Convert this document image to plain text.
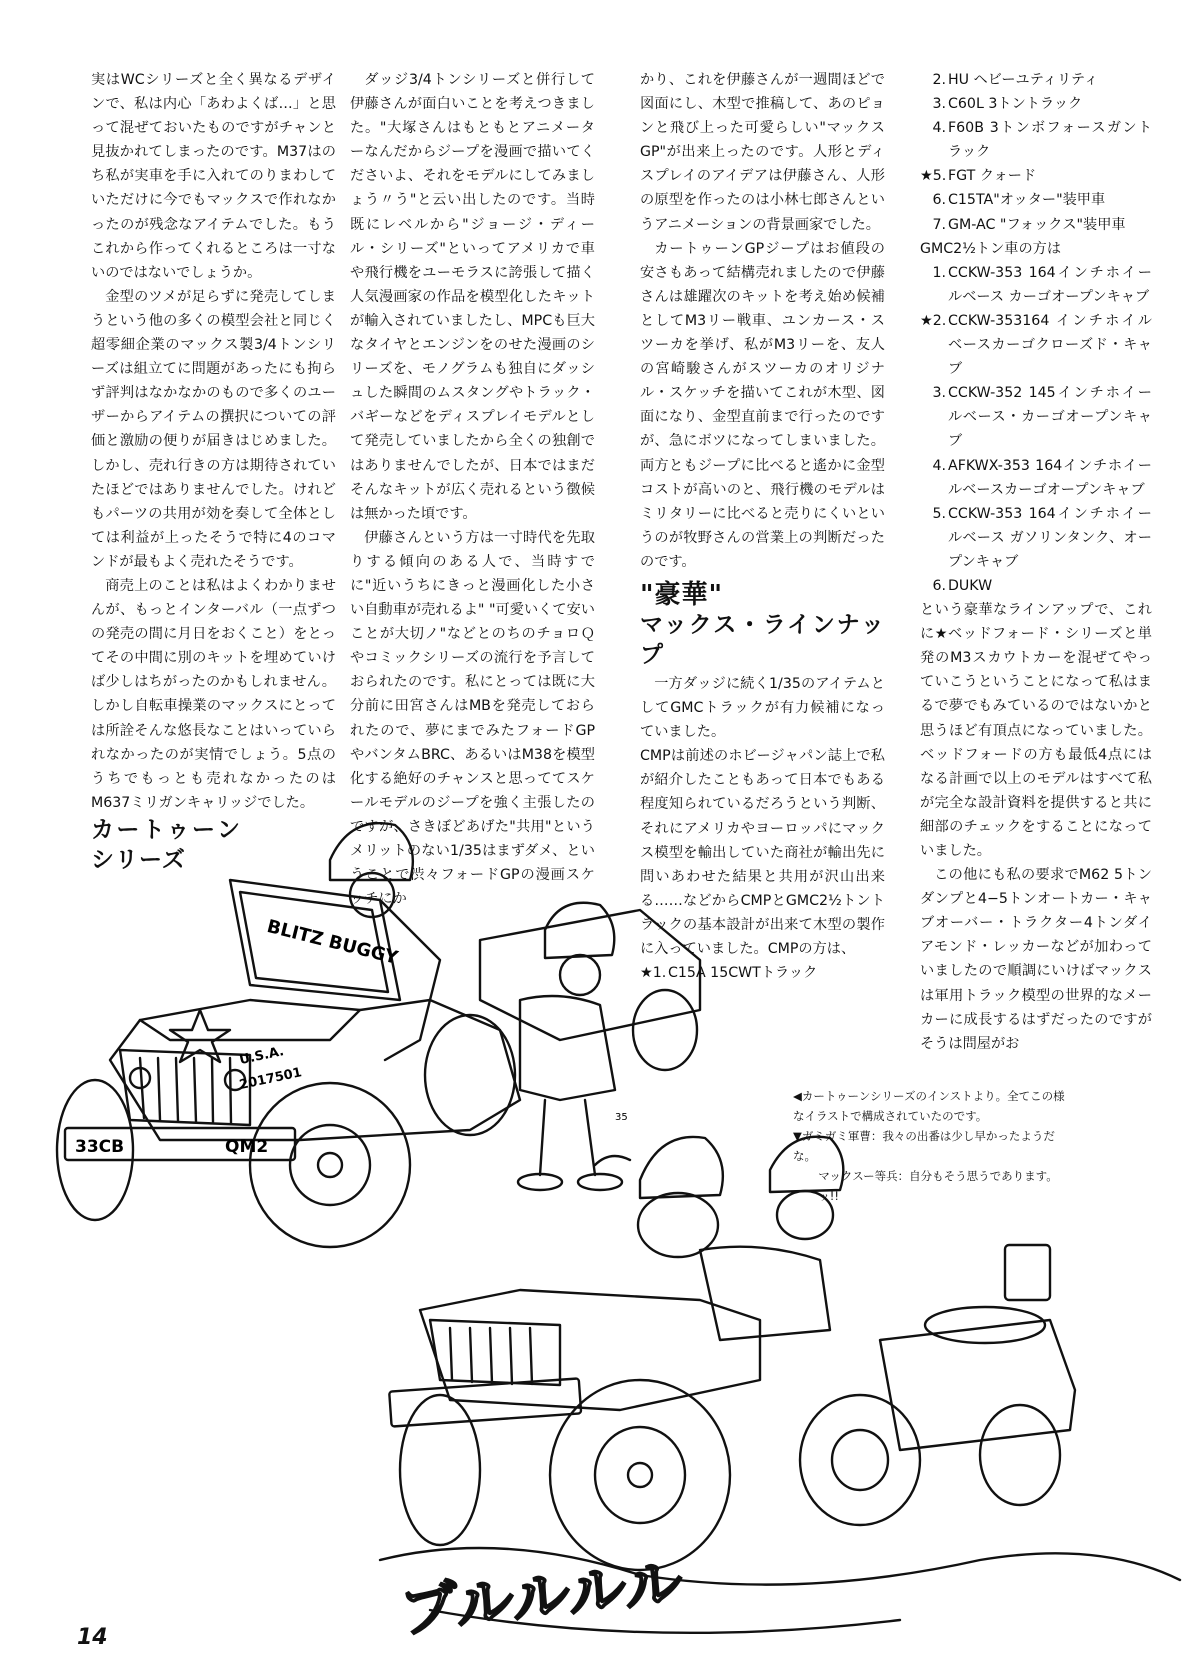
実はWCシリーズと全く異なるデザインで、私は内心「あわよくば…」と思って混ぜておいたものですがチャンと見抜かれてしまったのです。M37はのち私が実車を手に入れてのりまわしていただけに今でもマックスで作れなかったのが残念なアイテムでした。もうこれから作ってくれるところは一寸ないのではないでしょうか。

金型のツメが足らずに発売してしまうという他の多くの模型会社と同じく超零細企業のマックス製3/4トンシリーズは組立てに問題があったにも拘らず評判はなかなかのもので多くのユーザーからアイテムの撰択についての評価と激励の便りが届きはじめました。しかし、売れ行きの方は期待されていたほどではありませんでした。けれどもパーツの共用が効を奏して全体としては利益が上ったそうで特に4のコマンドが最もよく売れたそうです。

商売上のことは私はよくわかりませんが、もっとインターバル（一点ずつの発売の間に月日をおくこと）をとってその中間に別のキットを埋めていけば少しはちがったのかもしれません。しかし自転車操業のマックスにとっては所詮そんな悠長なことはいっていられなかったのが実情でしょう。5点のうちでもっとも売れなかったのはM637ミリガンキャリッジでした。

カートゥーンシリーズ

ダッジ3/4トンシリーズと併行して伊藤さんが面白いことを考えつきました。"大塚さんはもともとアニメーターなんだからジープを漫画で描いてくださいよ、それをモデルにしてみましょう〃う"と云い出したのです。当時既にレベルから"ジョージ・ディール・シリーズ"といってアメリカで車や飛行機をユーモラスに誇張して描く人気漫画家の作品を模型化したキットが輸入されていましたし、MPCも巨大なタイヤとエンジンをのせた漫画のシリーズを、モノグラムも独自にダッシュした瞬間のムスタングやトラック・バギーなどをディスプレイモデルとして発売していましたから全くの独創ではありませんでしたが、日本ではまだそんなキットが広く売れるという徴候は無かった頃です。

伊藤さんという方は一寸時代を先取りする傾向のある人で、当時すでに"近いうちにきっと漫画化した小さい自動車が売れるよ" "可愛いくて安いことが大切ノ"などとのちのチョロＱやコミックシリーズの流行を予言しておられたのです。私にとっては既に大分前に田宮さんはMBを発売しておられたので、夢にまでみたフォードGPやバンタムBRC、あるいはM38を模型化する絶好のチャンスと思っててスケールモデルのジープを強く主張したのですが、さきぼどあげた"共用"というメリットのない1/35はまずダメ、ということで渋々フォードGPの漫画スケッチにか

かり、これを伊藤さんが一週間ほどで図面にし、木型で推稿して、あのピョンと飛び上った可愛らしい"マックスGP"が出来上ったのです。人形とディスプレイのアイデアは伊藤さん、人形の原型を作ったのは小林七郎さんというアニメーションの背景画家でした。

カートゥーンGPジープはお値段の安さもあって結構売れましたので伊藤さんは雄躍次のキットを考え始め候補としてM3リー戦車、ユンカース・スツーカを挙げ、私がM3リーを、友人の宮崎駿さんがスツーカのオリジナル・スケッチを描いてこれが木型、図面になり、金型直前まで行ったのですが、急にボツになってしまいました。両方ともジープに比べると遙かに金型コストが高いのと、飛行機のモデルはミリタリーに比べると売りにくいというのが牧野さんの営業上の判断だったのです。

"豪華"
マックス・ラインナップ

一方ダッジに続く1/35のアイテムとしてGMCトラックが有力候補になっていました。

CMPは前述のホビージャパン誌上で私が紹介したこともあって日本でもある程度知られているだろうという判断、それにアメリカやヨーロッパにマックス模型を輸出していた商社が輸出先に問いあわせた結果と共用が沢山出来る……などからCMPとGMC2½トントラックの基本設計が出来て木型の製作に入っていました。CMPの方は、

★1. C15A 15CWTトラック
2. HU ヘビーユティリティ
3. C60L 3トントラック
4. F60B 3トンボフォースガントラック
★5. FGT クォード
6. C15TA"オッター"装甲車
7. GM-AC "フォックス"装甲車

GMC2½トン車の方は

1. CCKW-353 164インチホイールベース カーゴオープンキャブ
★2. CCKW-353164 インチホイルベースカーゴクローズド・キャブ
3. CCKW-352 145インチホイールベース・カーゴオープンキャブ
4. AFKWX-353 164インチホイールベースカーゴオープンキャブ
5. CCKW-353 164インチホイールベース ガソリンタンク、オープンキャブ
6. DUKW

という豪華なラインアップで、これに★ベッドフォード・シリーズと単発のM3スカウトカーを混ぜてやっていこうということになって私はまるで夢でもみているのではないかと思うほど有頂点になっていました。ベッドフォードの方も最低4点にはなる計画で以上のモデルはすべて私が完全な設計資料を提供すると共に細部のチェックをすることになっていました。

この他にも私の要求でM62 5トンダンプと4−5トンオートカー・キャブオーバー・トラクター4トンダイアモンド・レッカーなどが加わっていましたので順調にいけばマックスは軍用トラック模型の世界的なメーカーに成長するはずだったのですがそうは問屋がお

BLITZ BUGGY
U.S.A.
2017501
33CB	QM2
35
ブルルルル

◀カートゥーンシリーズのインストより。全てこの様なイラストで構成されていたのです。

▼ガミガミ軍曹：我々の出番は少し早かったようだな。

マックスー等兵：自分もそう思うであります。ッ!!

14
